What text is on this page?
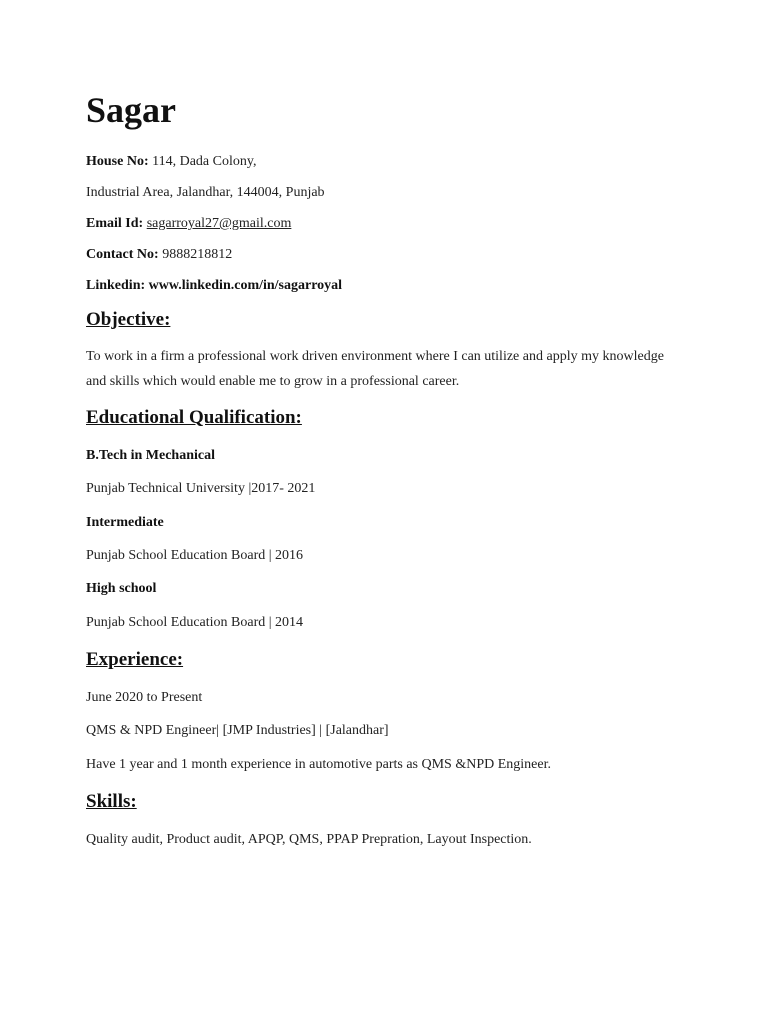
Sagar
House No: 114, Dada Colony,
Industrial Area, Jalandhar, 144004, Punjab
Email Id: sagarroyal27@gmail.com
Contact No: 9888218812
Linkedin: www.linkedin.com/in/sagarroyal
Objective:
To work in a firm a professional work driven environment where I can utilize and apply my knowledge and skills which would enable me to grow in a professional career.
Educational Qualification:
B.Tech in Mechanical
Punjab Technical University |2017- 2021
Intermediate
Punjab School Education Board | 2016
High school
Punjab School Education Board | 2014
Experience:
June 2020 to Present
QMS & NPD Engineer| [JMP Industries] | [Jalandhar]
Have 1 year and 1 month experience in automotive parts as QMS &NPD Engineer.
Skills:
Quality audit, Product audit, APQP, QMS, PPAP Prepration, Layout Inspection.
